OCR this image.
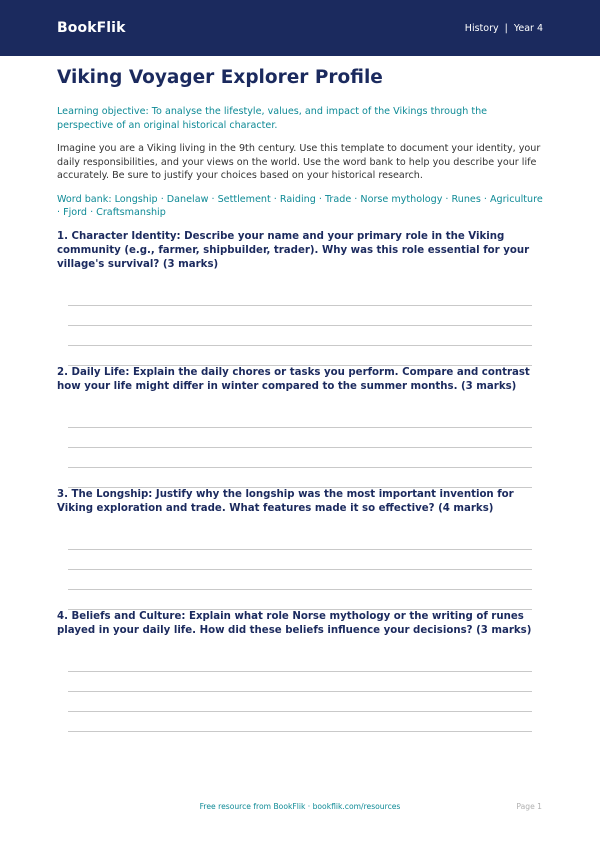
BookFlik	History | Year 4
Viking Voyager Explorer Profile

Learning objective: To analyse the lifestyle, values, and impact of the Vikings through the perspective of an original historical character.

Imagine you are a Viking living in the 9th century. Use this template to document your identity, your daily responsibilities, and your views on the world. Use the word bank to help you describe your life accurately. Be sure to justify your choices based on your historical research.

Word bank: Longship · Danelaw · Settlement · Raiding · Trade · Norse mythology · Runes · Agriculture · Fjord · Craftsmanship

1. Character Identity: Describe your name and your primary role in the Viking community (e.g., farmer, shipbuilder, trader). Why was this role essential for your village's survival? (3 marks)

2. Daily Life: Explain the daily chores or tasks you perform. Compare and contrast how your life might differ in winter compared to the summer months. (3 marks)

3. The Longship: Justify why the longship was the most important invention for Viking exploration and trade. What features made it so effective? (4 marks)

4. Beliefs and Culture: Explain what role Norse mythology or the writing of runes played in your daily life. How did these beliefs influence your decisions? (3 marks)

Free resource from BookFlik · bookflik.com/resources	Page 1
